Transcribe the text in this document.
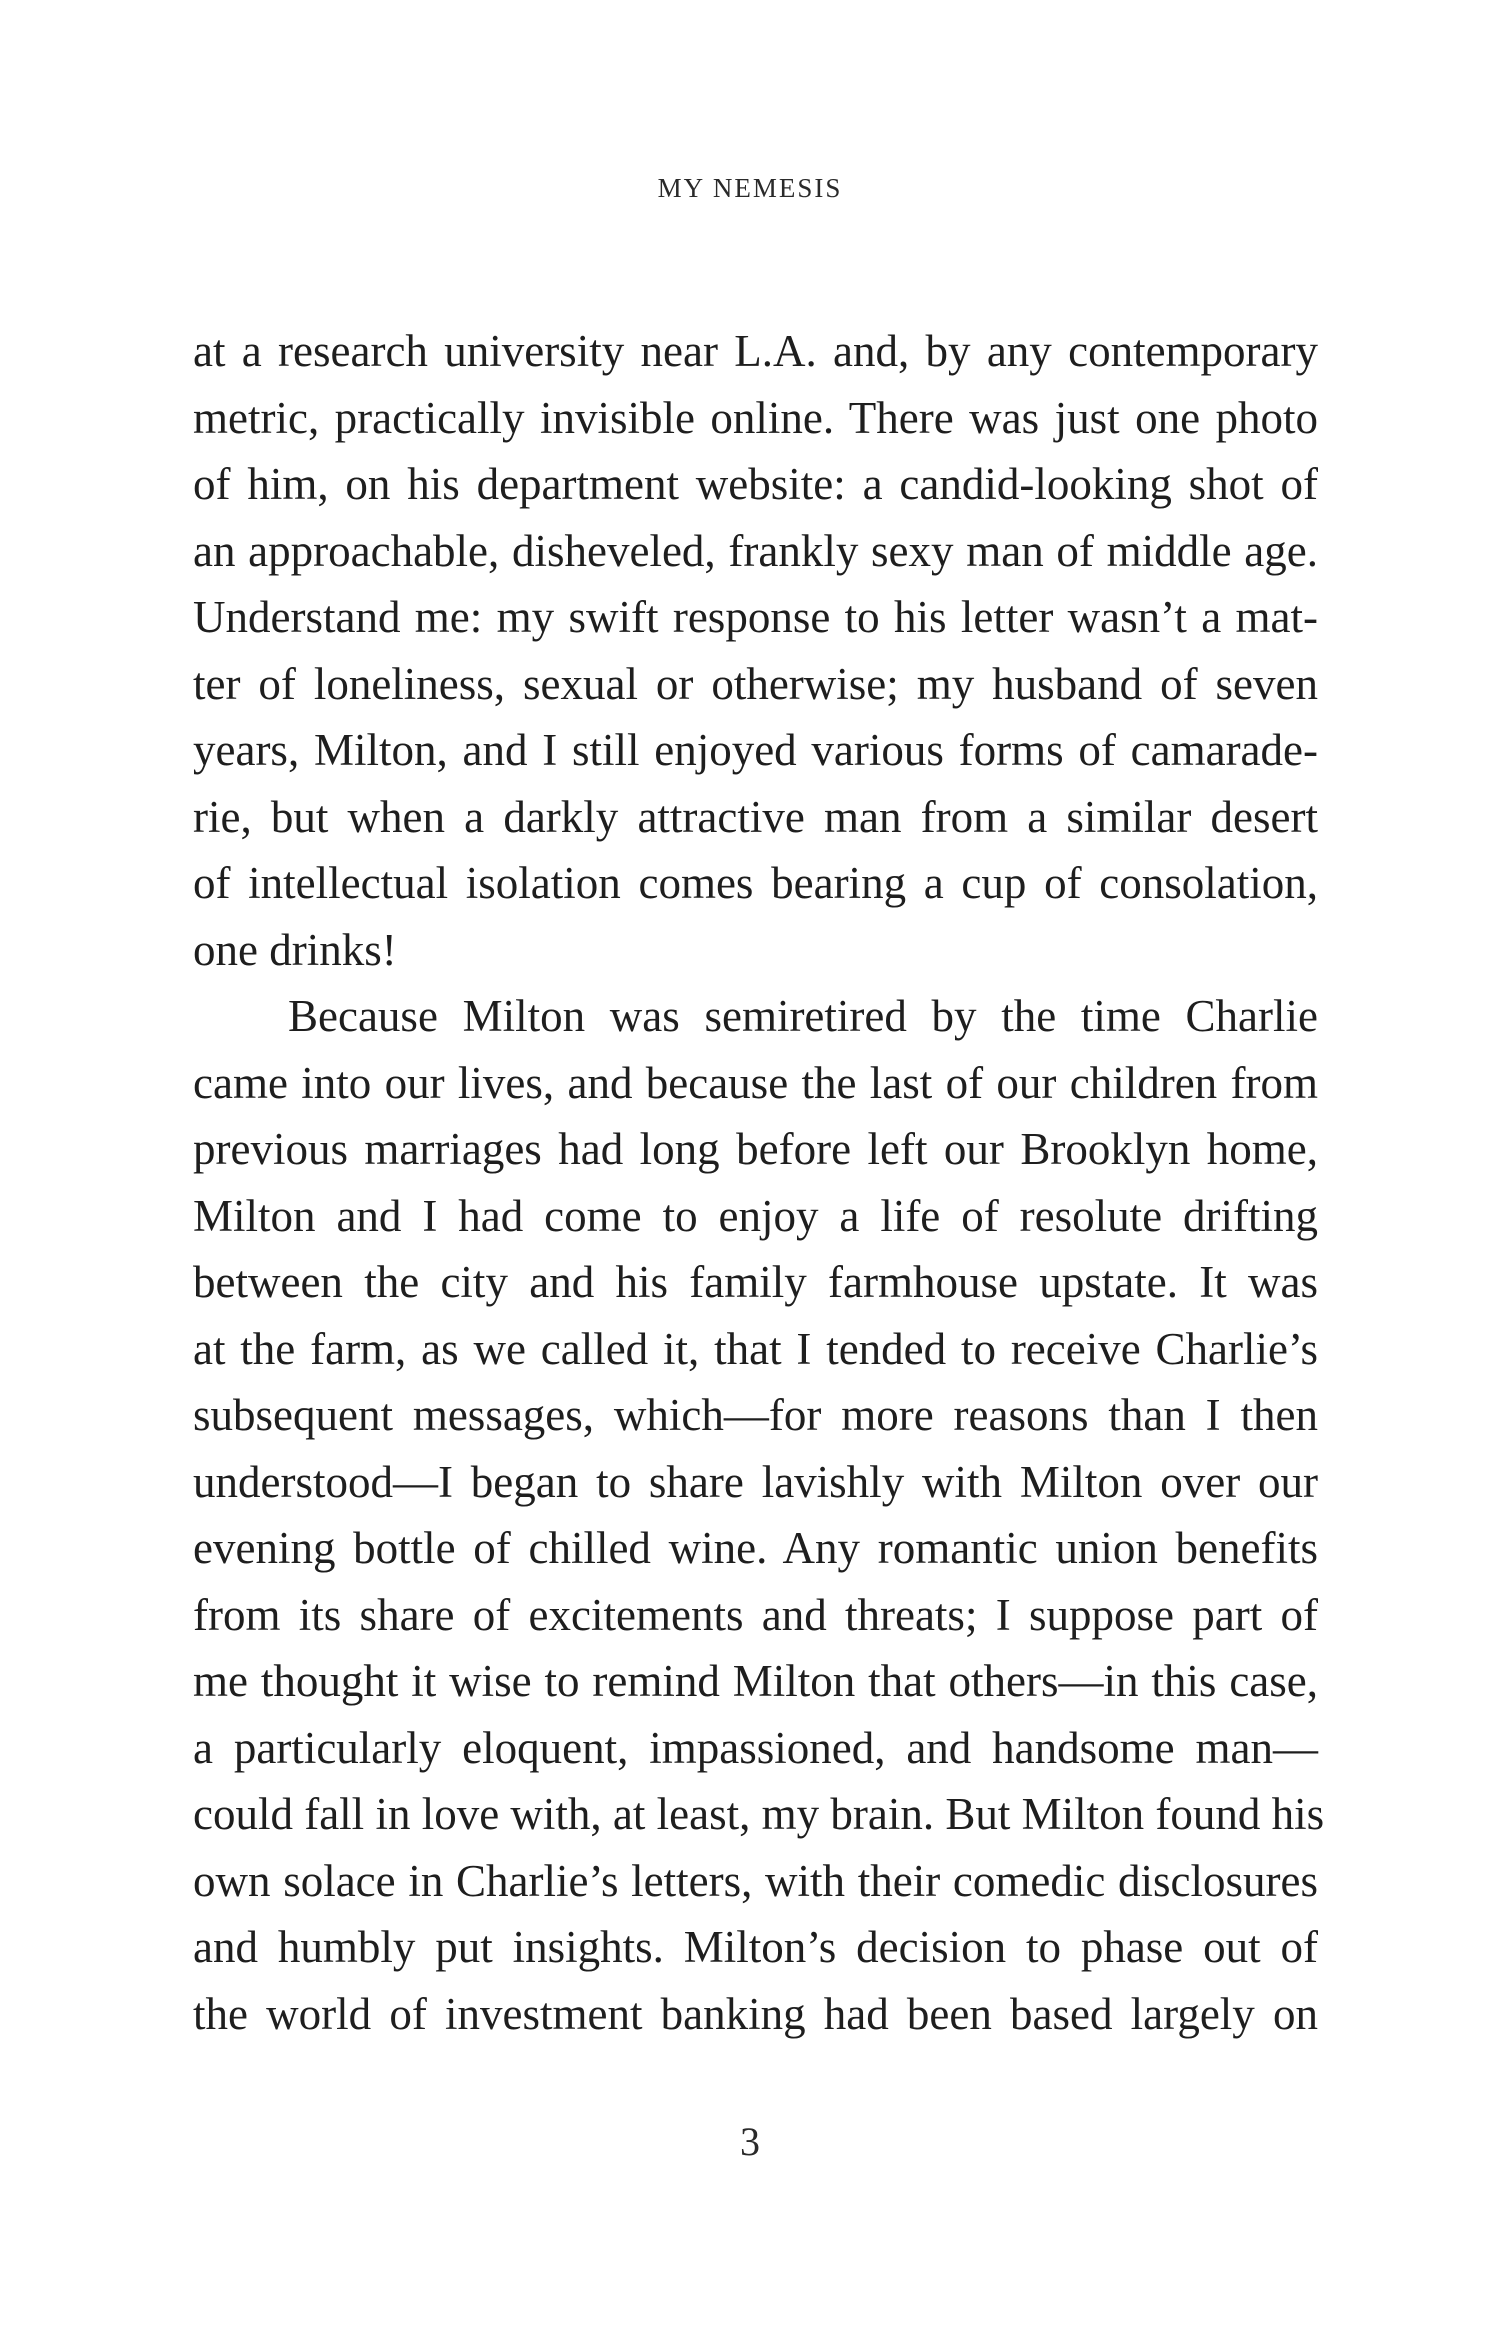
MY NEMESIS
at a research university near L.A. and, by any contemporary
metric, practically invisible online. There was just one photo
of him, on his department website: a candid-looking shot of
an approachable, disheveled, frankly sexy man of middle age.
Understand me: my swift response to his letter wasn’t a mat-
ter of loneliness, sexual or otherwise; my husband of seven
years, Milton, and I still enjoyed various forms of camarade-
rie, but when a darkly attractive man from a similar desert
of intellectual isolation comes bearing a cup of consolation,
one drinks!
Because Milton was semiretired by the time Charlie
came into our lives, and because the last of our children from
previous marriages had long before left our Brooklyn home,
Milton and I had come to enjoy a life of resolute drifting
between the city and his family farmhouse upstate. It was
at the farm, as we called it, that I tended to receive Charlie’s
subsequent messages, which—for more reasons than I then
understood—I began to share lavishly with Milton over our
evening bottle of chilled wine. Any romantic union benefits
from its share of excitements and threats; I suppose part of
me thought it wise to remind Milton that others—in this case,
a particularly eloquent, impassioned, and handsome man—
could fall in love with, at least, my brain. But Milton found his
own solace in Charlie’s letters, with their comedic disclosures
and humbly put insights. Milton’s decision to phase out of
the world of investment banking had been based largely on
3
